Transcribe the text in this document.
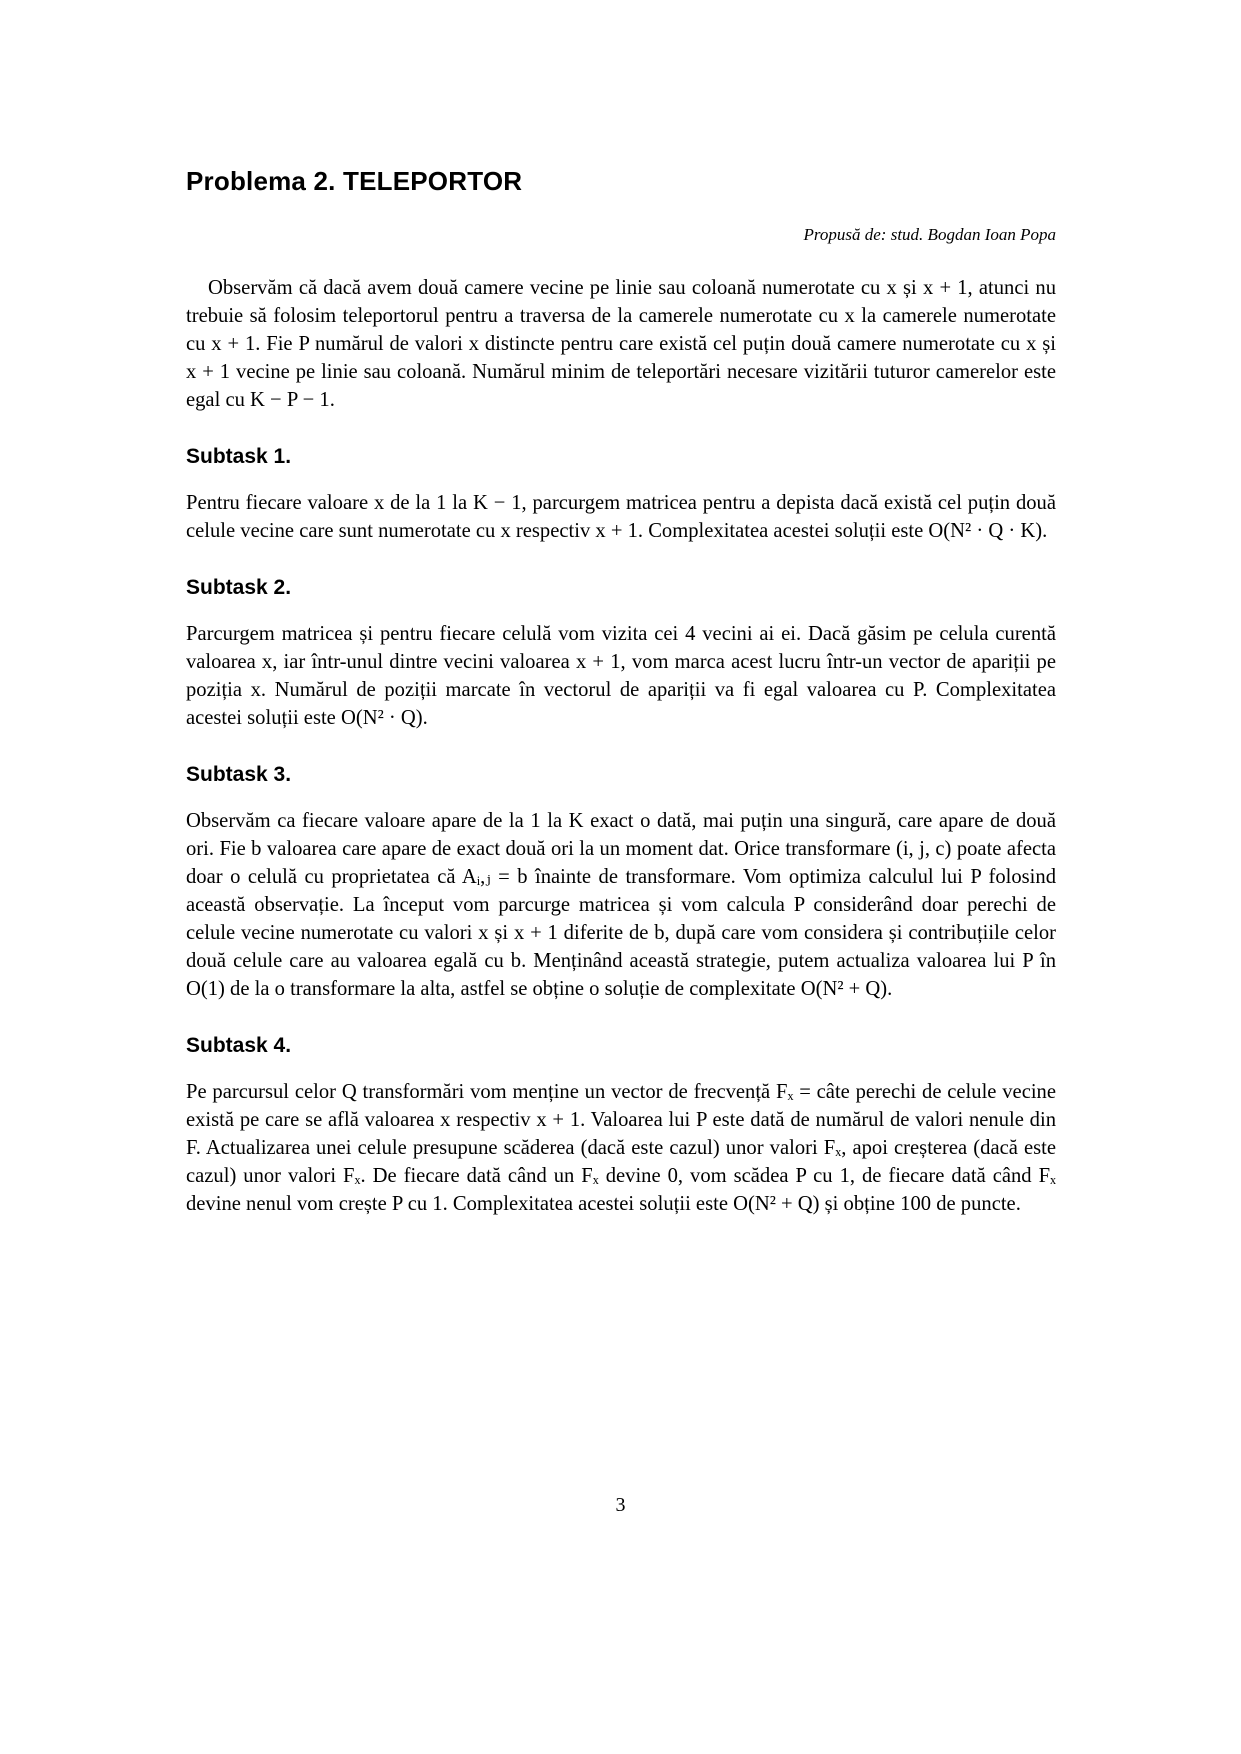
Problema 2. TELEPORTOR
Propusă de: stud. Bogdan Ioan Popa

Observăm că dacă avem două camere vecine pe linie sau coloană numerotate cu x și x + 1, atunci nu trebuie să folosim teleportorul pentru a traversa de la camerele numerotate cu x la camerele numerotate cu x + 1. Fie P numărul de valori x distincte pentru care există cel puțin două camere numerotate cu x și x + 1 vecine pe linie sau coloană. Numărul minim de teleportări necesare vizitării tuturor camerelor este egal cu K − P − 1.

Subtask 1.

Pentru fiecare valoare x de la 1 la K − 1, parcurgem matricea pentru a depista dacă există cel puțin două celule vecine care sunt numerotate cu x respectiv x + 1. Complexitatea acestei soluții este O(N² · Q · K).

Subtask 2.

Parcurgem matricea și pentru fiecare celulă vom vizita cei 4 vecini ai ei. Dacă găsim pe celula curentă valoarea x, iar într-unul dintre vecini valoarea x + 1, vom marca acest lucru într-un vector de apariții pe poziția x. Numărul de poziții marcate în vectorul de apariții va fi egal valoarea cu P. Complexitatea acestei soluții este O(N² · Q).

Subtask 3.

Observăm ca fiecare valoare apare de la 1 la K exact o dată, mai puțin una singură, care apare de două ori. Fie b valoarea care apare de exact două ori la un moment dat. Orice transformare (i, j, c) poate afecta doar o celulă cu proprietatea că Aᵢ,ⱼ = b înainte de transformare. Vom optimiza calculul lui P folosind această observație. La început vom parcurge matricea și vom calcula P considerând doar perechi de celule vecine numerotate cu valori x și x + 1 diferite de b, după care vom considera și contribuțiile celor două celule care au valoarea egală cu b. Menținând această strategie, putem actualiza valoarea lui P în O(1) de la o transformare la alta, astfel se obține o soluție de complexitate O(N² + Q).

Subtask 4.

Pe parcursul celor Q transformări vom menține un vector de frecvență Fₓ = câte perechi de celule vecine există pe care se află valoarea x respectiv x + 1. Valoarea lui P este dată de numărul de valori nenule din F. Actualizarea unei celule presupune scăderea (dacă este cazul) unor valori Fₓ, apoi creșterea (dacă este cazul) unor valori Fₓ. De fiecare dată când un Fₓ devine 0, vom scădea P cu 1, de fiecare dată când Fₓ devine nenul vom crește P cu 1. Complexitatea acestei soluții este O(N² + Q) și obține 100 de puncte.

3
